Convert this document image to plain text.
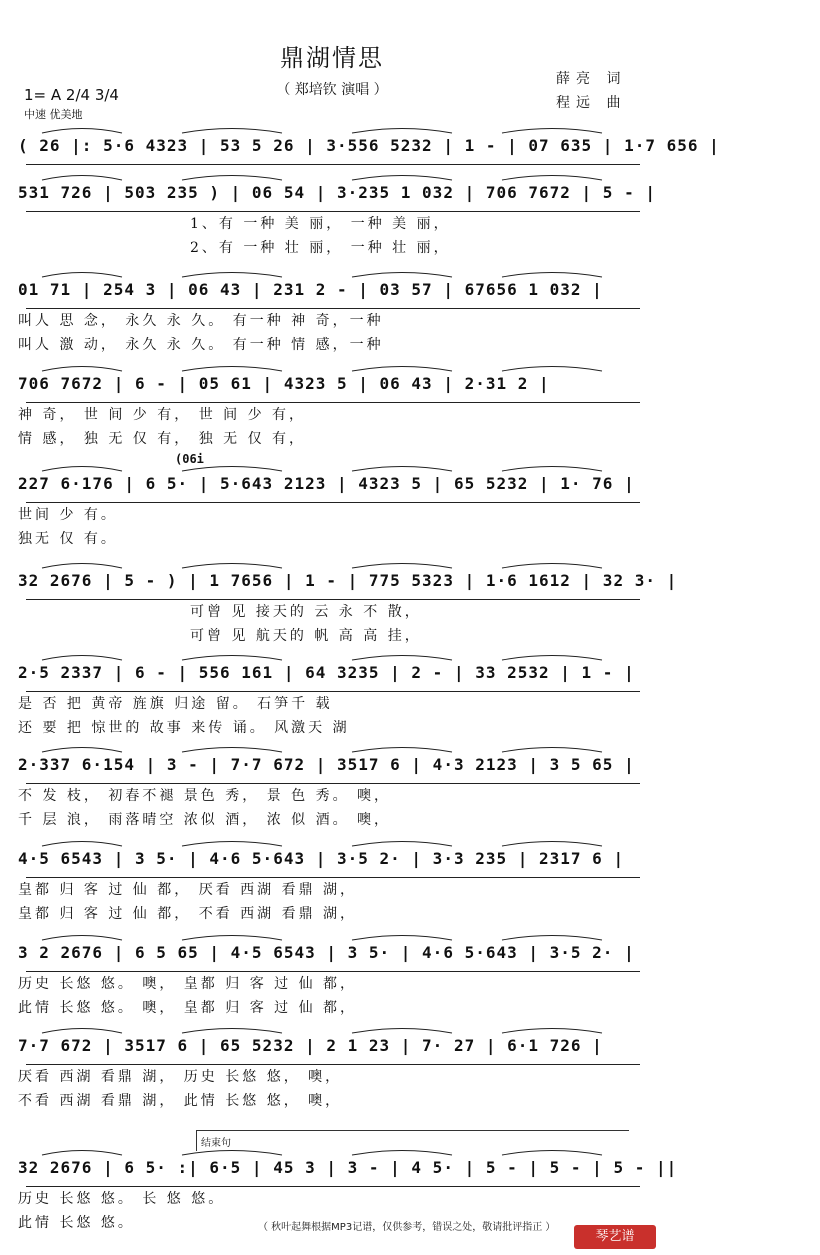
鼎湖情思
（ 郑培钦 演唱 ）
1= A 2/4 3/4
中速 优美地
薛亮 词
程远 曲
(06i
( 26 |: 5·6 4323 | 53 5 26 | 3·556 5232 | 1 - | 07 635 | 1·7 656 |
531 726 | 503 235 ) | 06 54 | 3·235 1 032 | 706 7672 | 5 - |
1、有 一种 美 丽， 一种 美 丽，
2、有 一种 壮 丽， 一种 壮 丽，
01 71 | 254 3 | 06 43 | 231 2 - | 03 57 | 67656 1 032 |
叫人 思 念， 永久 永 久。 有一种 神 奇，一种
叫人 激 动， 永久 永 久。 有一种 情 感，一种
706 7672 | 6 - | 05 61 | 4323 5 | 06 43 | 2·31 2 |
神 奇， 世 间 少 有， 世 间 少 有，
情 感， 独 无 仅 有， 独 无 仅 有，
227 6·176 | 6 5· | 5·643 2123 | 4323 5 | 65 5232 | 1· 76 |
世间 少 有。
独无 仅 有。
32 2676 | 5 - ) | 1 7656 | 1 - | 775 5323 | 1·6 1612 | 32 3· |
可曾 见 接天的 云 永 不 散，
可曾 见 航天的 帆 高 高 挂，
2·5 2337 | 6 - | 556 161 | 64 3235 | 2 - | 33 2532 | 1 - |
是 否 把 黄帝 旌旗 归途 留。 石笋千 载
还 要 把 惊世的 故事 来传 诵。 风激天 湖
2·337 6·154 | 3 - | 7·7 672 | 3517 6 | 4·3 2123 | 3 5 65 |
不 发 枝， 初春不褪 景色 秀， 景 色 秀。 噢，
千 层 浪， 雨落晴空 浓似 酒， 浓 似 酒。 噢，
4·5 6543 | 3 5· | 4·6 5·643 | 3·5 2· | 3·3 235 | 2317 6 |
皇都 归 客 过 仙 都， 厌看 西湖 看鼎 湖，
皇都 归 客 过 仙 都， 不看 西湖 看鼎 湖，
3 2 2676 | 6 5 65 | 4·5 6543 | 3 5· | 4·6 5·643 | 3·5 2· |
历史 长悠 悠。 噢， 皇都 归 客 过 仙 都，
此情 长悠 悠。 噢， 皇都 归 客 过 仙 都，
7·7 672 | 3517 6 | 65 5232 | 2 1 23 | 7· 27 | 6·1 726 |
厌看 西湖 看鼎 湖， 历史 长悠 悠， 噢，
不看 西湖 看鼎 湖， 此情 长悠 悠， 噢，
32 2676 | 6 5· :| 6·5 | 45 3 | 3 - | 4 5· | 5 - | 5 - | 5 - ||
历史 长悠 悠。 长 悠 悠。
此情 长悠 悠。
结束句
（ 秋叶起舞根据MP3记谱，仅供参考，错误之处，敬请批评指正 ）
琴艺谱
